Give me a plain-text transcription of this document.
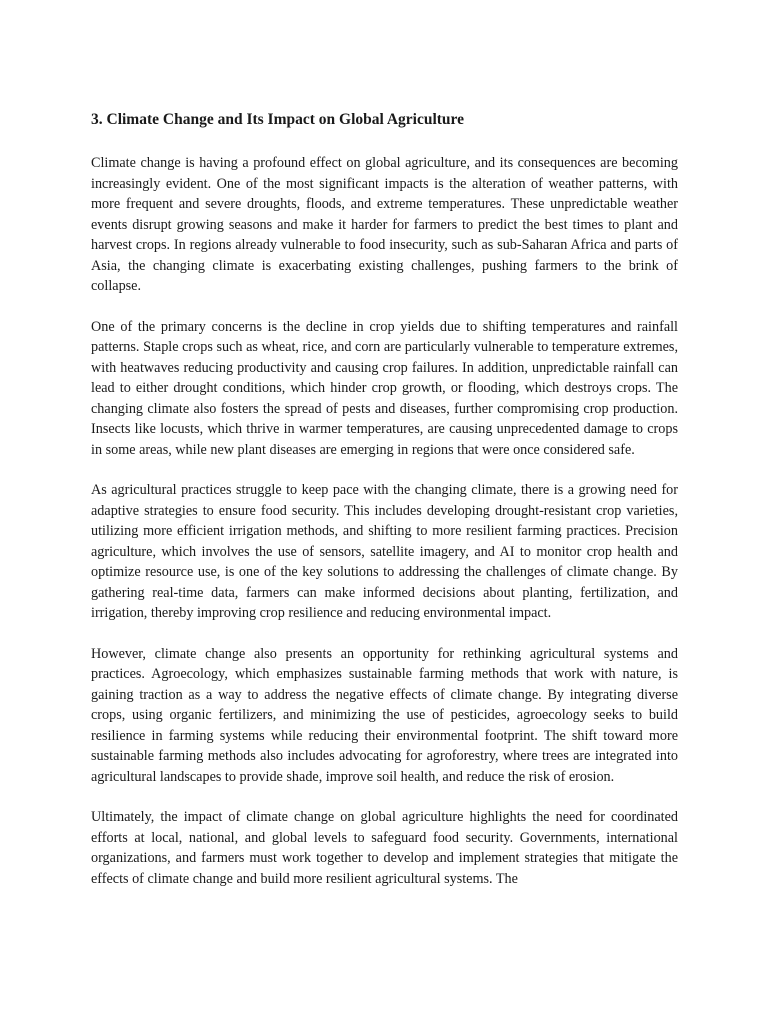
3. Climate Change and Its Impact on Global Agriculture

Climate change is having a profound effect on global agriculture, and its consequences are becoming increasingly evident. One of the most significant impacts is the alteration of weather patterns, with more frequent and severe droughts, floods, and extreme temperatures. These unpredictable weather events disrupt growing seasons and make it harder for farmers to predict the best times to plant and harvest crops. In regions already vulnerable to food insecurity, such as sub-Saharan Africa and parts of Asia, the changing climate is exacerbating existing challenges, pushing farmers to the brink of collapse.

One of the primary concerns is the decline in crop yields due to shifting temperatures and rainfall patterns. Staple crops such as wheat, rice, and corn are particularly vulnerable to temperature extremes, with heatwaves reducing productivity and causing crop failures. In addition, unpredictable rainfall can lead to either drought conditions, which hinder crop growth, or flooding, which destroys crops. The changing climate also fosters the spread of pests and diseases, further compromising crop production. Insects like locusts, which thrive in warmer temperatures, are causing unprecedented damage to crops in some areas, while new plant diseases are emerging in regions that were once considered safe.

As agricultural practices struggle to keep pace with the changing climate, there is a growing need for adaptive strategies to ensure food security. This includes developing drought-resistant crop varieties, utilizing more efficient irrigation methods, and shifting to more resilient farming practices. Precision agriculture, which involves the use of sensors, satellite imagery, and AI to monitor crop health and optimize resource use, is one of the key solutions to addressing the challenges of climate change. By gathering real-time data, farmers can make informed decisions about planting, fertilization, and irrigation, thereby improving crop resilience and reducing environmental impact.

However, climate change also presents an opportunity for rethinking agricultural systems and practices. Agroecology, which emphasizes sustainable farming methods that work with nature, is gaining traction as a way to address the negative effects of climate change. By integrating diverse crops, using organic fertilizers, and minimizing the use of pesticides, agroecology seeks to build resilience in farming systems while reducing their environmental footprint. The shift toward more sustainable farming methods also includes advocating for agroforestry, where trees are integrated into agricultural landscapes to provide shade, improve soil health, and reduce the risk of erosion.

Ultimately, the impact of climate change on global agriculture highlights the need for coordinated efforts at local, national, and global levels to safeguard food security. Governments, international organizations, and farmers must work together to develop and implement strategies that mitigate the effects of climate change and build more resilient agricultural systems. The
